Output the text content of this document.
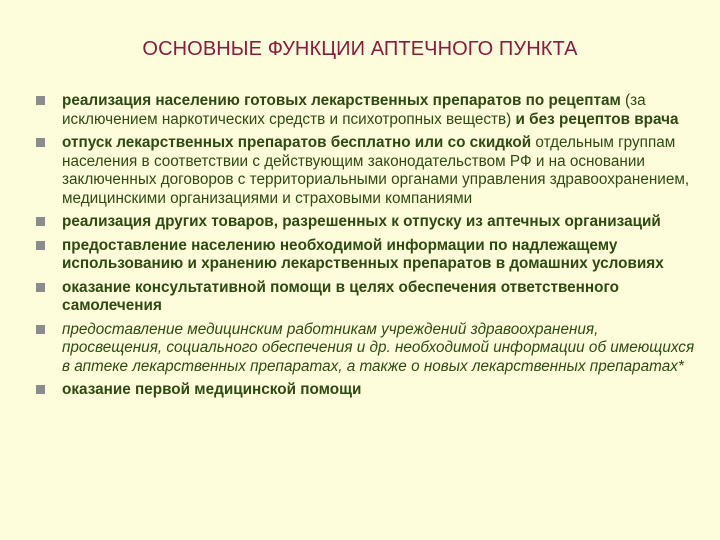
ОСНОВНЫЕ ФУНКЦИИ АПТЕЧНОГО ПУНКТА
реализация населению готовых лекарственных препаратов по рецептам (за исключением наркотических средств и психотропных веществ) и без рецептов врача
отпуск лекарственных препаратов бесплатно или со скидкой отдельным группам населения в соответствии с действующим законодательством РФ и на основании заключенных договоров с территориальными органами управления здравоохранением, медицинскими организациями и страховыми компаниями
реализация других товаров, разрешенных к отпуску из аптечных организаций
предоставление населению необходимой информации по надлежащему использованию и хранению лекарственных препаратов в домашних условиях
оказание консультативной помощи в целях обеспечения ответственного самолечения
предоставление медицинским работникам учреждений здравоохранения, просвещения, социального обеспечения и др. необходимой информации об имеющихся в аптеке лекарственных препаратах, а также о новых лекарственных препаратах*
оказание первой медицинской помощи
